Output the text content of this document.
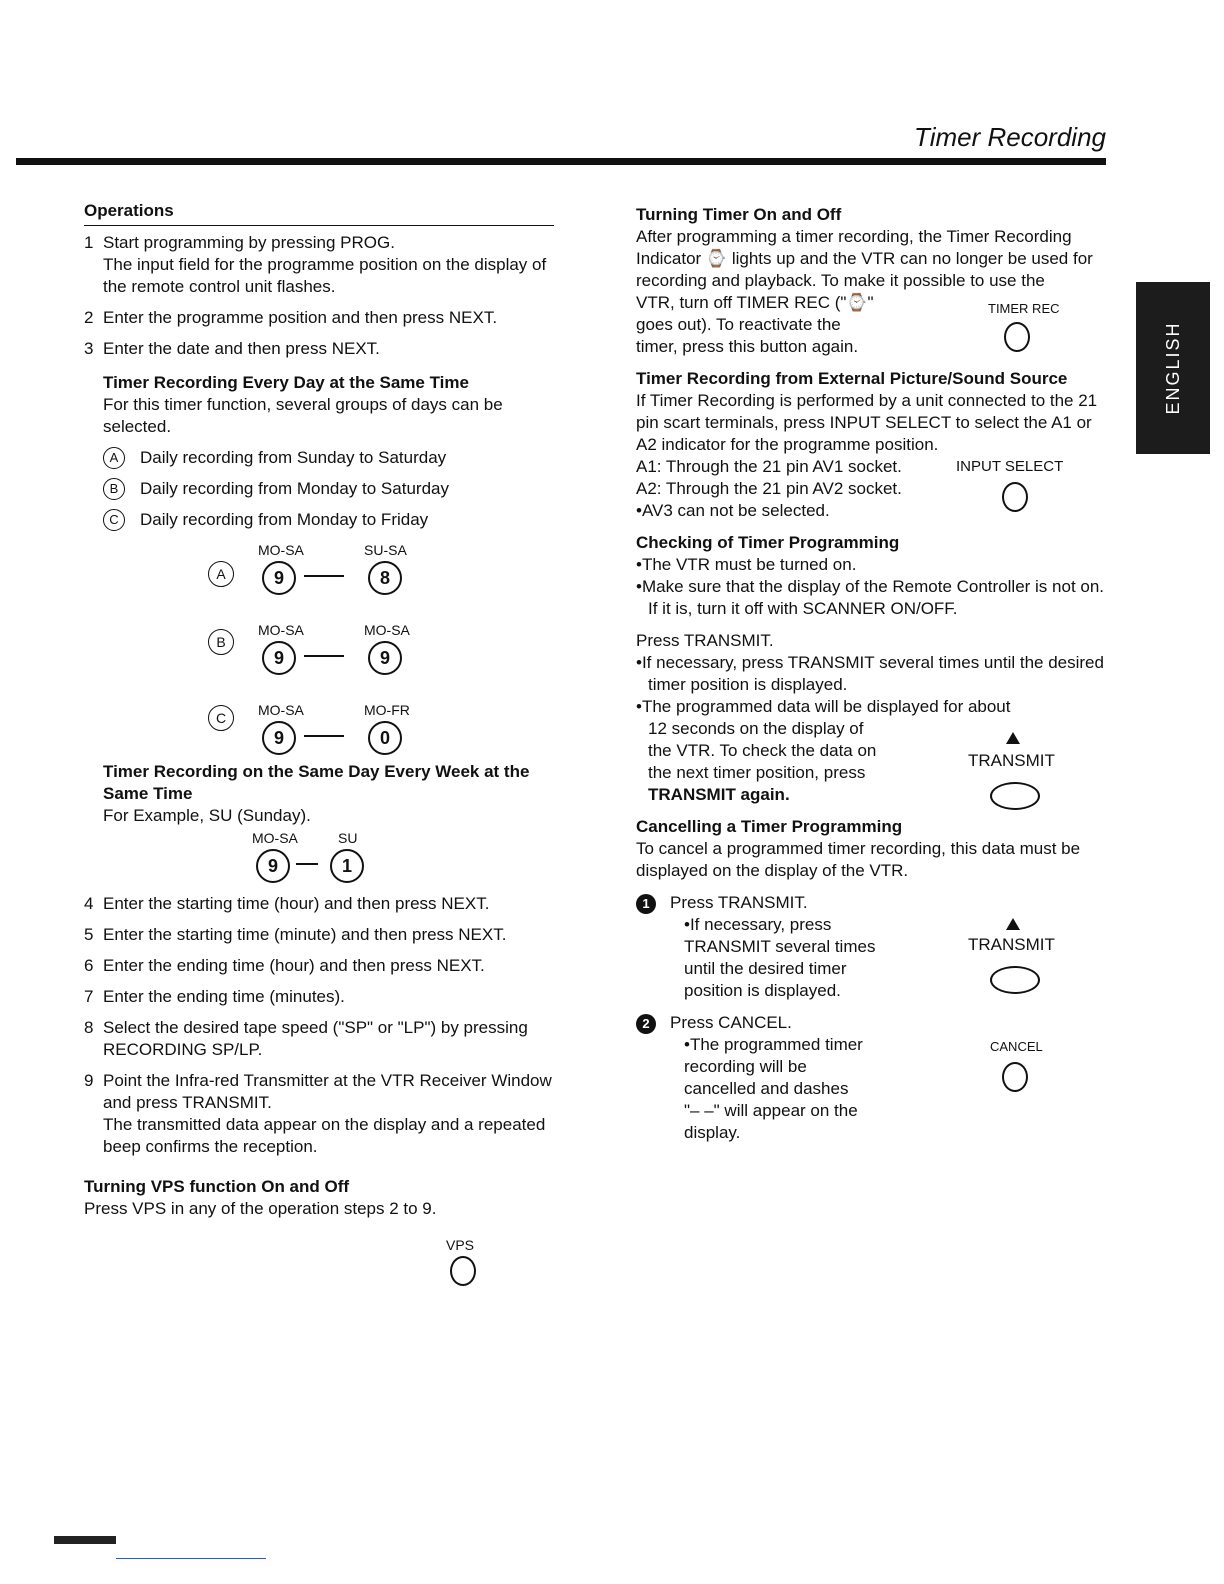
Timer Recording
ENGLISH
Operations
1 Start programming by pressing PROG.

The input field for the programme position on the display of the remote control unit flashes.

2 Enter the programme position and then press NEXT.

3 Enter the date and then press NEXT.

Timer Recording Every Day at the Same Time

For this timer function, several groups of days can be selected.

A	Daily recording from Sunday to Saturday
B	Daily recording from Monday to Saturday
C	Daily recording from Monday to Friday
A
MO-SA	SU-SA
9	8
B
MO-SA	MO-SA
9	9
C	MO-SA	MO-FR
9	0
Timer Recording on the Same Day Every Week at the Same Time

For Example, SU (Sunday).

MO-SA	SU
9	1
4 Enter the starting time (hour) and then press NEXT.

5 Enter the starting time (minute) and then press NEXT.

6 Enter the ending time (hour) and then press NEXT.

7 Enter the ending time (minutes).

8 Select the desired tape speed ("SP" or "LP") by pressing RECORDING SP/LP.

9 Point the Infra-red Transmitter at the VTR Receiver Window and press TRANSMIT.

The transmitted data appear on the display and a repeated beep confirms the reception.

Turning VPS function On and Off

Press VPS in any of the operation steps 2 to 9.

VPS
Turning Timer On and Off

After programming a timer recording, the Timer Recording Indicator ⌚ lights up and the VTR can no longer be used for recording and playback. To make it possible to use the

VTR, turn off TIMER REC ("⌚"

goes out). To reactivate the

timer, press this button again.

TIMER REC
Timer Recording from External Picture/Sound Source

If Timer Recording is performed by a unit connected to the 21 pin scart terminals, press INPUT SELECT to select the A1 or A2 indicator for the programme position.

A1: Through the 21 pin AV1 socket.

A2: Through the 21 pin AV2 socket.

•AV3 can not be selected.

INPUT SELECT
Checking of Timer Programming

•The VTR must be turned on.

•Make sure that the display of the Remote Controller is not on. If it is, turn it off with SCANNER ON/OFF.

Press TRANSMIT.

•If necessary, press TRANSMIT several times until the desired timer position is displayed.

•The programmed data will be displayed for about

12 seconds on the display of

the VTR. To check the data on

the next timer position, press

TRANSMIT again.

TRANSMIT
Cancelling a Timer Programming

To cancel a programmed timer recording, this data must be displayed on the display of the VTR.

1 Press TRANSMIT.

•If necessary, press

TRANSMIT several times

until the desired timer

position is displayed.

TRANSMIT

2 Press CANCEL.

•The programmed timer

recording will be

cancelled and dashes

"– –" will appear on the

display.

CANCEL
